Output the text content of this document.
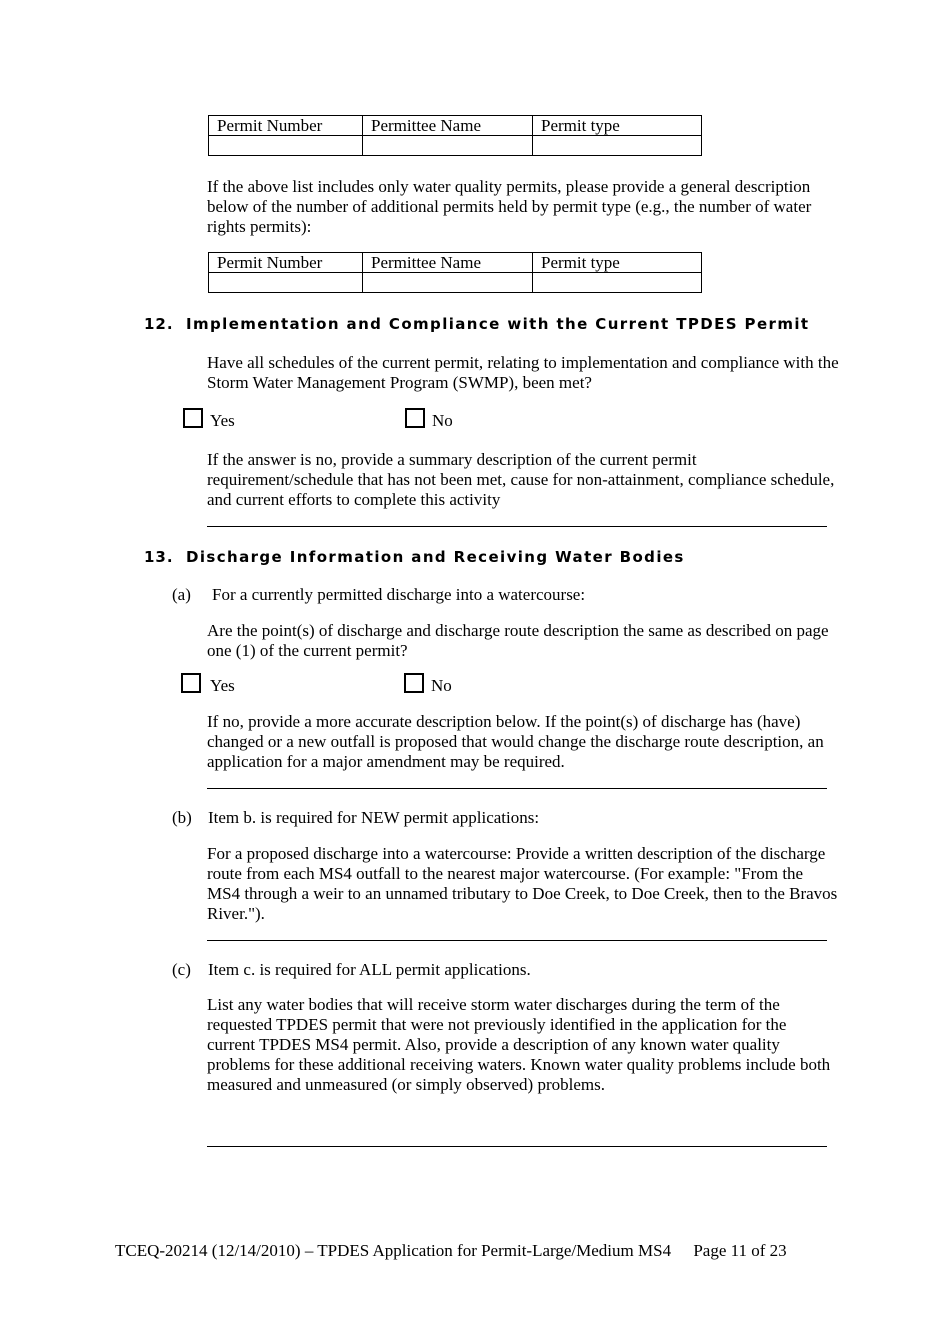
Permit Number	Permittee Name	Permit type

If the above list includes only water quality permits, please provide a general description below of the number of additional permits held by permit type (e.g., the number of water rights permits):
Permit Number	Permittee Name	Permit type

12. Implementation and Compliance with the Current TPDES Permit
Have all schedules of the current permit, relating to implementation and compliance with the Storm Water Management Program (SWMP), been met?
Yes	No
If the answer is no, provide a summary description of the current permit requirement/schedule that has not been met, cause for non-attainment, compliance schedule, and current efforts to complete this activity
13. Discharge Information and Receiving Water Bodies
(a) For a currently permitted discharge into a watercourse:
Are the point(s) of discharge and discharge route description the same as described on page one (1) of the current permit?
Yes	No
If no, provide a more accurate description below. If the point(s) of discharge has (have) changed or a new outfall is proposed that would change the discharge route description, an application for a major amendment may be required.
(b) Item b. is required for NEW permit applications:
For a proposed discharge into a watercourse: Provide a written description of the discharge route from each MS4 outfall to the nearest major watercourse. (For example: "From the MS4 through a weir to an unnamed tributary to Doe Creek, to Doe Creek, then to the Bravos River.").
(c) Item c. is required for ALL permit applications.
List any water bodies that will receive storm water discharges during the term of the requested TPDES permit that were not previously identified in the application for the current TPDES MS4 permit. Also, provide a description of any known water quality problems for these additional receiving waters. Known water quality problems include both measured and unmeasured (or simply observed) problems.
TCEQ-20214 (12/14/2010) – TPDES Application for Permit-Large/Medium MS4 Page 11 of 23
